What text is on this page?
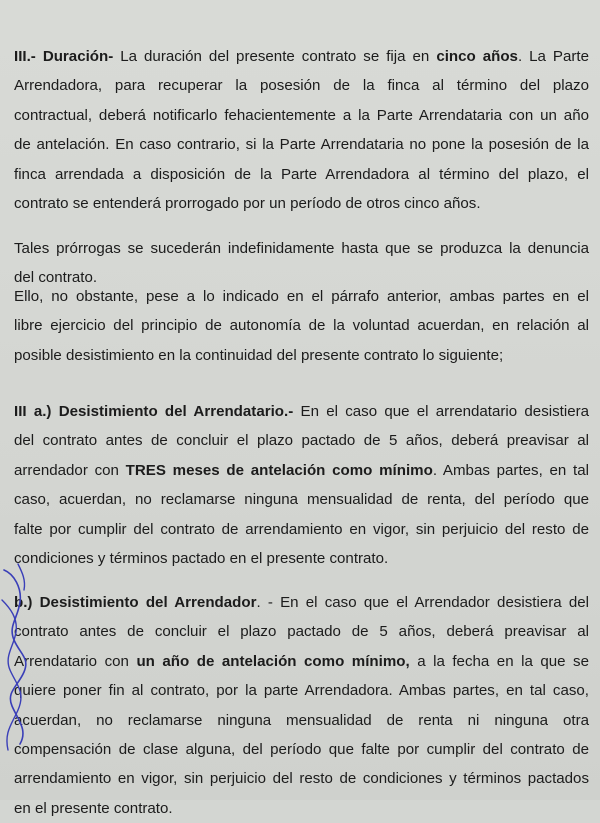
III.- Duración- La duración del presente contrato se fija en cinco años. La Parte
Arrendadora, para recuperar la posesión de la finca al término del plazo
contractual, deberá notificarlo fehacientemente a la Parte Arrendataria con un año
de antelación. En caso contrario, si la Parte Arrendataria no pone la posesión de la
finca arrendada a disposición de la Parte Arrendadora al término del plazo, el
contrato se entenderá prorrogado por un período de otros cinco años.
Tales prórrogas se sucederán indefinidamente hasta que se produzca la denuncia
del contrato.
Ello, no obstante, pese a lo indicado en el párrafo anterior, ambas partes en el
libre ejercicio del principio de autonomía de la voluntad acuerdan, en relación al
posible desistimiento en la continuidad del presente contrato lo siguiente;
III a.) Desistimiento del Arrendatario.- En el caso que el arrendatario desistiera
del contrato antes de concluir el plazo pactado de 5 años, deberá preavisar al
arrendador con TRES meses de antelación como mínimo. Ambas partes, en tal
caso, acuerdan, no reclamarse ninguna mensualidad de renta, del período que
falte por cumplir del contrato de arrendamiento en vigor, sin perjuicio del resto de
condiciones y términos pactado en el presente contrato.
b.) Desistimiento del Arrendador. - En el caso que el Arrendador desistiera del
contrato antes de concluir el plazo pactado de 5 años, deberá preavisar al
Arrendatario con un año de antelación como mínimo, a la fecha en la que se
quiere poner fin al contrato, por la parte Arrendadora. Ambas partes, en tal caso,
acuerdan, no reclamarse ninguna mensualidad de renta ni ninguna otra
compensación de clase alguna, del período que falte por cumplir del contrato de
arrendamiento en vigor, sin perjuicio del resto de condiciones y términos pactados
en el presente contrato.
